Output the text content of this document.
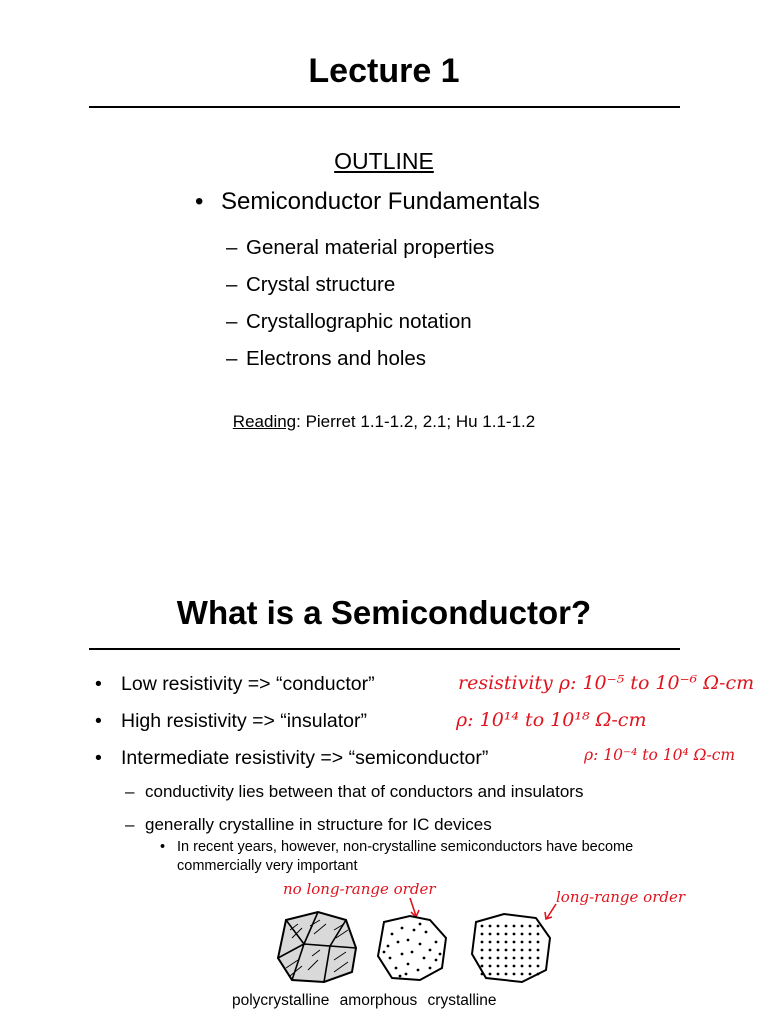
Lecture 1
OUTLINE
• Semiconductor Fundamentals
– General material properties
– Crystal structure
– Crystallographic notation
– Electrons and holes
Reading: Pierret 1.1-1.2, 2.1; Hu 1.1-1.2
What is a Semiconductor?
• Low resistivity => “conductor”
• High resistivity => “insulator”
• Intermediate resistivity => “semiconductor”
resistivity ρ: 10⁻⁵ to 10⁻⁶ Ω-cm
ρ: 10¹⁴ to 10¹⁸ Ω-cm
ρ: 10⁻⁴ to 10⁴ Ω-cm
– conductivity lies between that of conductors and insulators
– generally crystalline in structure for IC devices
• In recent years, however, non-crystalline semiconductors have become commercially very important
no long-range order	long-range order
polycrystalline amorphous crystalline
